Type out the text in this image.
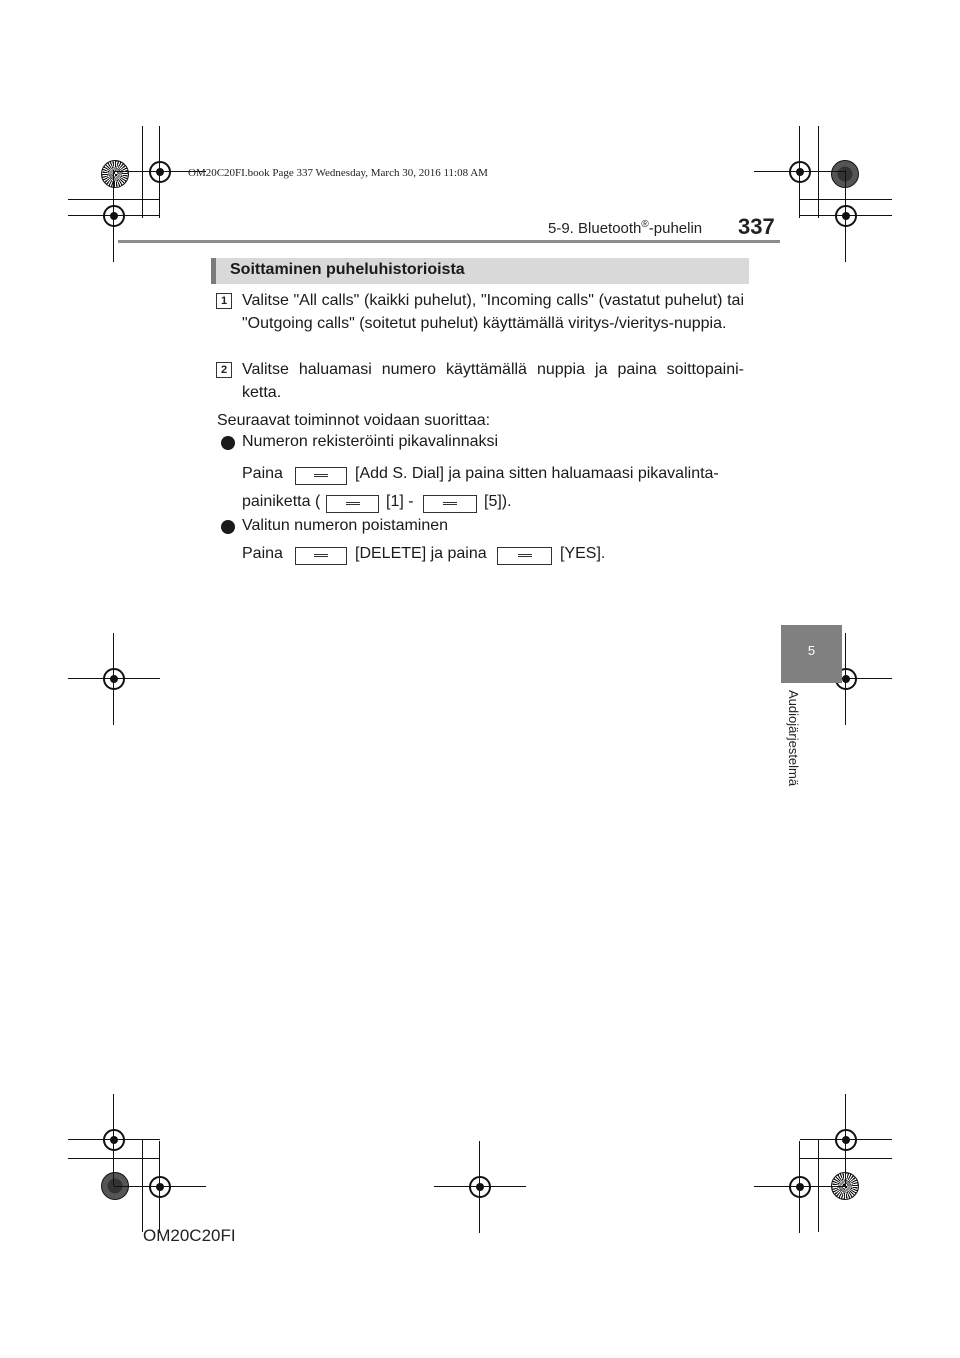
OM20C20FI.book Page 337 Wednesday, March 30, 2016 11:08 AM
5-9. Bluetooth®-puhelin 337
Soittaminen puheluhistorioista
1 Valitse "All calls" (kaikki puhelut), "Incoming calls" (vastatut puhelut) tai "Outgoing calls" (soitetut puhelut) käyttämällä viritys-/vieritys-nuppia.
2 Valitse haluamasi numero käyttämällä nuppia ja paina soittopaini-ketta.
Seuraavat toiminnot voidaan suorittaa:
Numeron rekisteröinti pikavalinnaksi
Paina	[Add S. Dial] ja paina sitten haluamaasi pikavalinta-
painiketta (	[1] -	[5]).
Valitun numeron poistaminen
Paina	[DELETE] ja paina	[YES].
5
Audiojärjestelmä
OM20C20FI
